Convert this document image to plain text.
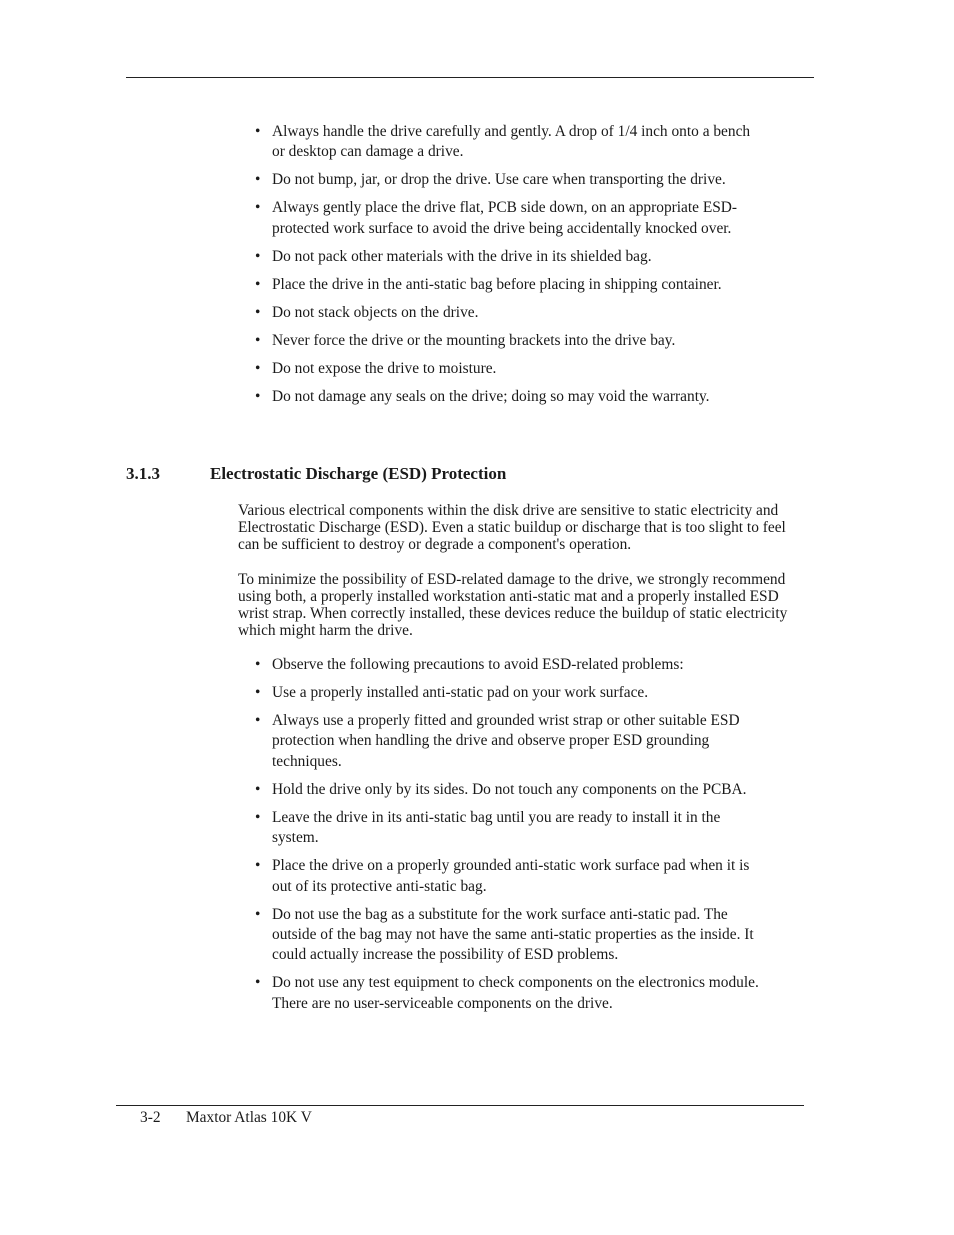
• Always handle the drive carefully and gently. A drop of 1/4 inch onto a bench or desktop can damage a drive.
• Do not bump, jar, or drop the drive. Use care when transporting the drive.
• Always gently place the drive flat, PCB side down, on an appropriate ESD-protected work surface to avoid the drive being accidentally knocked over.
• Do not pack other materials with the drive in its shielded bag.
• Place the drive in the anti-static bag before placing in shipping container.
• Do not stack objects on the drive.
• Never force the drive or the mounting brackets into the drive bay.
• Do not expose the drive to moisture.
• Do not damage any seals on the drive; doing so may void the warranty.
3.1.3	Electrostatic Discharge (ESD) Protection

Various electrical components within the disk drive are sensitive to static electricity and Electrostatic Discharge (ESD). Even a static buildup or discharge that is too slight to feel can be sufficient to destroy or degrade a component's operation.

To minimize the possibility of ESD-related damage to the drive, we strongly recommend using both, a properly installed workstation anti-static mat and a properly installed ESD wrist strap. When correctly installed, these devices reduce the buildup of static electricity which might harm the drive.

• Observe the following precautions to avoid ESD-related problems:
• Use a properly installed anti-static pad on your work surface.
• Always use a properly fitted and grounded wrist strap or other suitable ESD protection when handling the drive and observe proper ESD grounding techniques.
• Hold the drive only by its sides. Do not touch any components on the PCBA.
• Leave the drive in its anti-static bag until you are ready to install it in the system.
• Place the drive on a properly grounded anti-static work surface pad when it is out of its protective anti-static bag.
• Do not use the bag as a substitute for the work surface anti-static pad. The outside of the bag may not have the same anti-static properties as the inside. It could actually increase the possibility of ESD problems.
• Do not use any test equipment to check components on the electronics module. There are no user-serviceable components on the drive.
3-2 Maxtor Atlas 10K V
